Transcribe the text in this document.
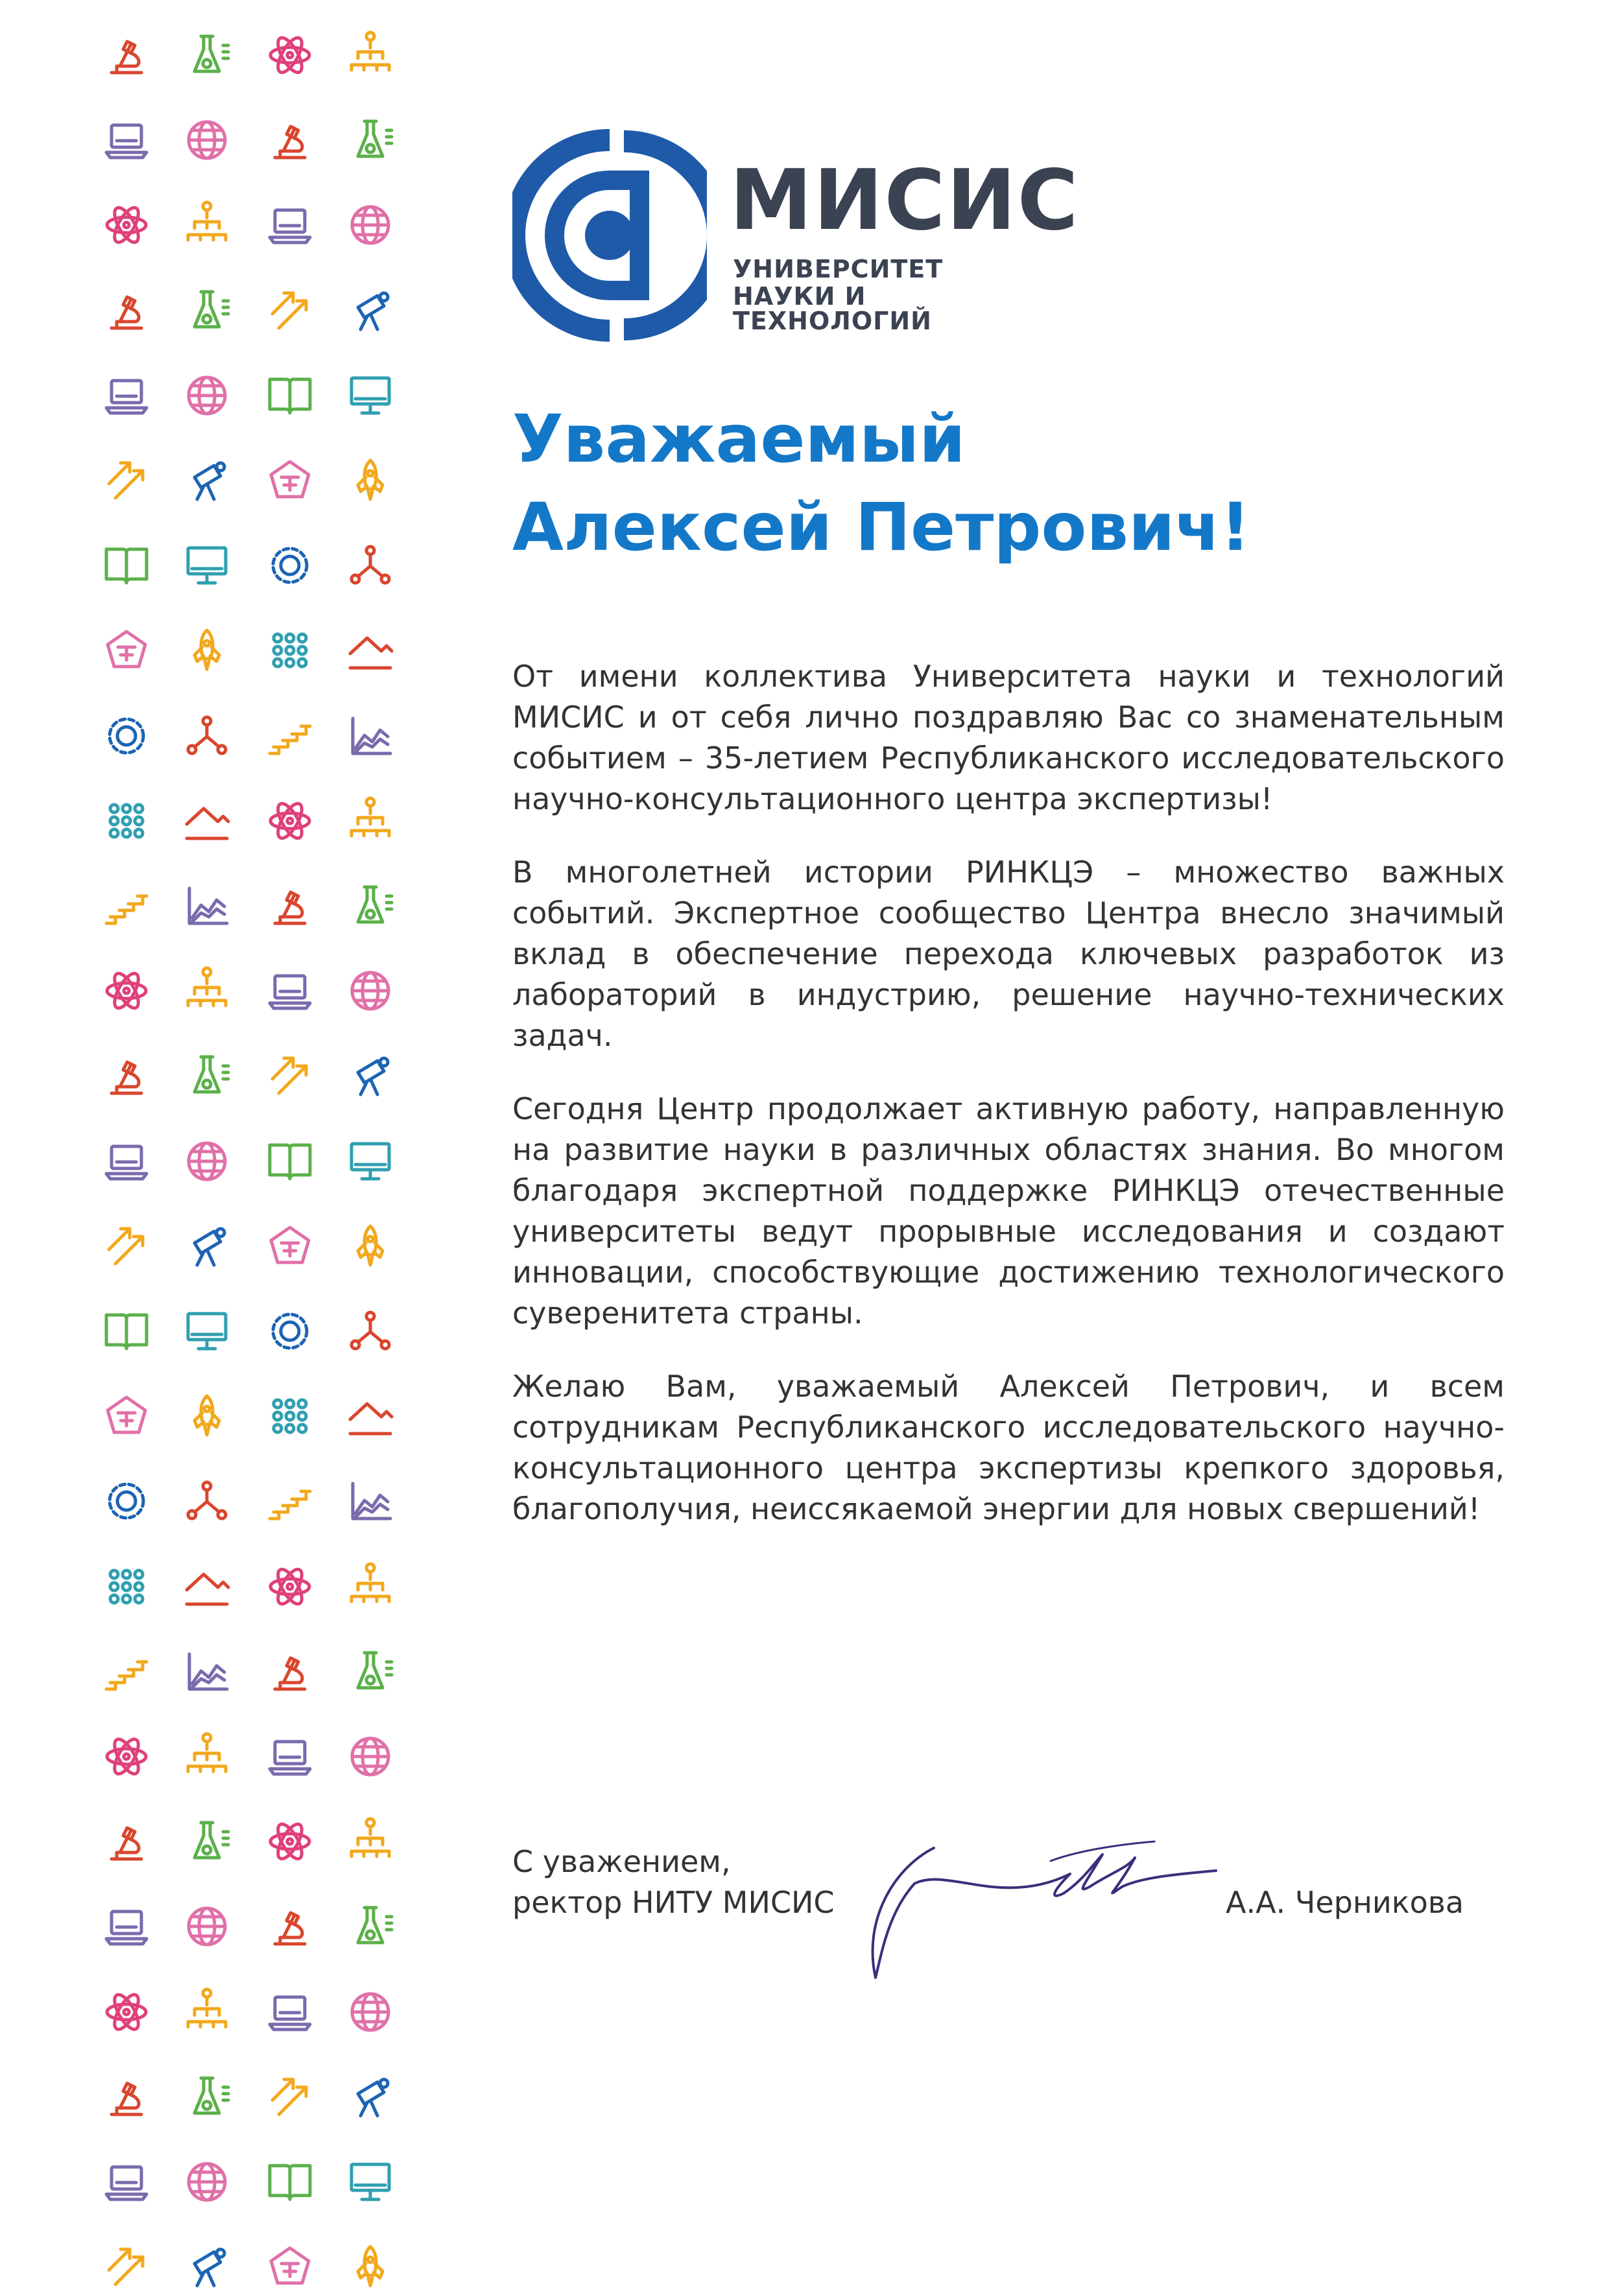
МИСИС

УНИВЕРСИТЕТ

НАУКИ И ТЕХНОЛОГИЙ

Уважаемый
Алексей Петрович!

От имени коллектива Университета науки и технологий МИСИС и от себя лично поздравляю Вас со знаменательным событием – 35-летием Республиканского исследовательского научно-консультационного центра экспертизы!

В многолетней истории РИНКЦЭ – множество важных событий. Экспертное сообщество Центра внесло значимый вклад в обеспечение перехода ключевых разработок из лабораторий в индустрию, решение научно-технических задач.

Сегодня Центр продолжает активную работу, направленную на развитие науки в различных областях знания. Во многом благодаря экспертной поддержке РИНКЦЭ отечественные университеты ведут прорывные исследования и создают инновации, способствующие достижению технологического суверенитета страны.

Желаю Вам, уважаемый Алексей Петрович, и всем сотрудникам Республиканского исследовательского научно-консультационного центра экспертизы крепкого здоровья, благополучия, неиссякаемой энергии для новых свершений!

С уважением,
ректор НИТУ МИСИС	А.А. Черникова
